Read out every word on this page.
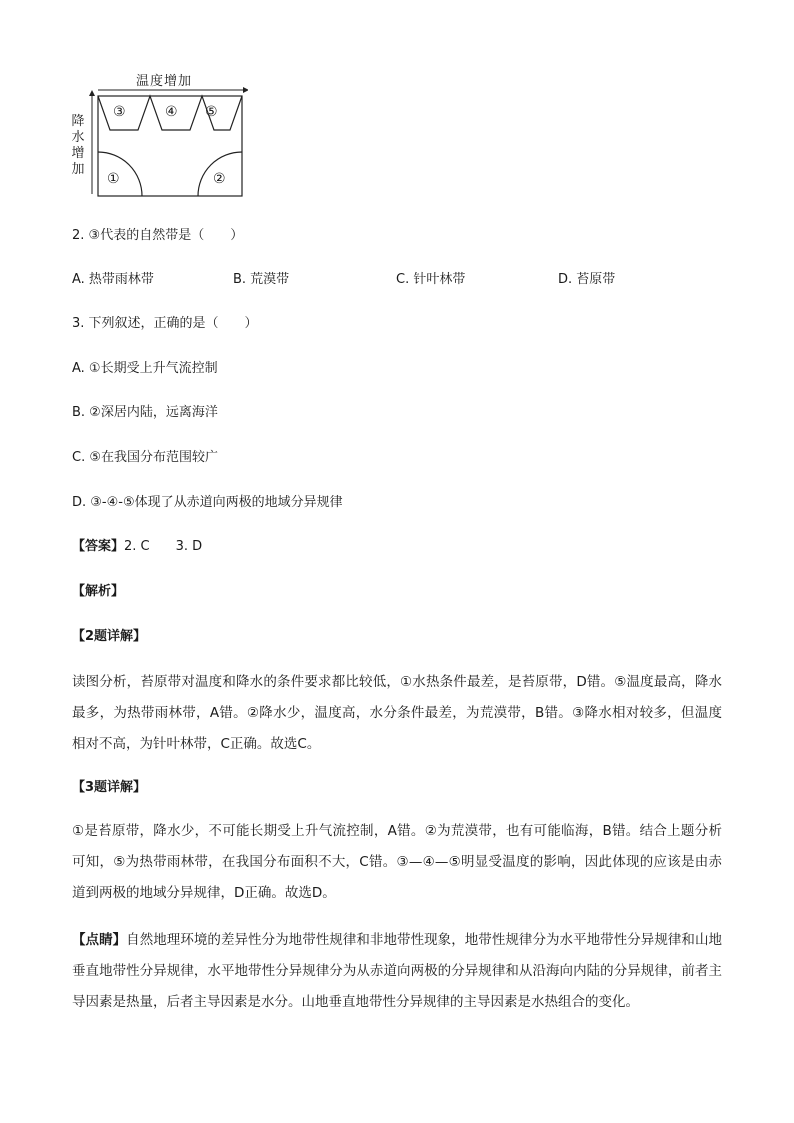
温度增加
降水增加
③	④ ⑤
①	②
2. ③代表的自然带是（　　）
A. 热带雨林带	B. 荒漠带	C. 针叶林带	D. 苔原带
3. 下列叙述，正确的是（　　）
A. ①长期受上升气流控制
B. ②深居内陆，远离海洋
C. ⑤在我国分布范围较广
D. ③-④-⑤体现了从赤道向两极的地域分异规律
【答案】2. C　　3. D
【解析】
【2题详解】

读图分析，苔原带对温度和降水的条件要求都比较低，①水热条件最差，是苔原带，D错。⑤温度最高，降水最多，为热带雨林带，A错。②降水少，温度高，水分条件最差，为荒漠带，B错。③降水相对较多，但温度相对不高，为针叶林带，C正确。故选C。

【3题详解】

①是苔原带，降水少，不可能长期受上升气流控制，A错。②为荒漠带，也有可能临海，B错。结合上题分析可知，⑤为热带雨林带，在我国分布面积不大，C错。③—④—⑤明显受温度的影响，因此体现的应该是由赤道到两极的地域分异规律，D正确。故选D。

【点睛】自然地理环境的差异性分为地带性规律和非地带性现象，地带性规律分为水平地带性分异规律和山地垂直地带性分异规律，水平地带性分异规律分为从赤道向两极的分异规律和从沿海向内陆的分异规律，前者主导因素是热量，后者主导因素是水分。山地垂直地带性分异规律的主导因素是水热组合的变化。
